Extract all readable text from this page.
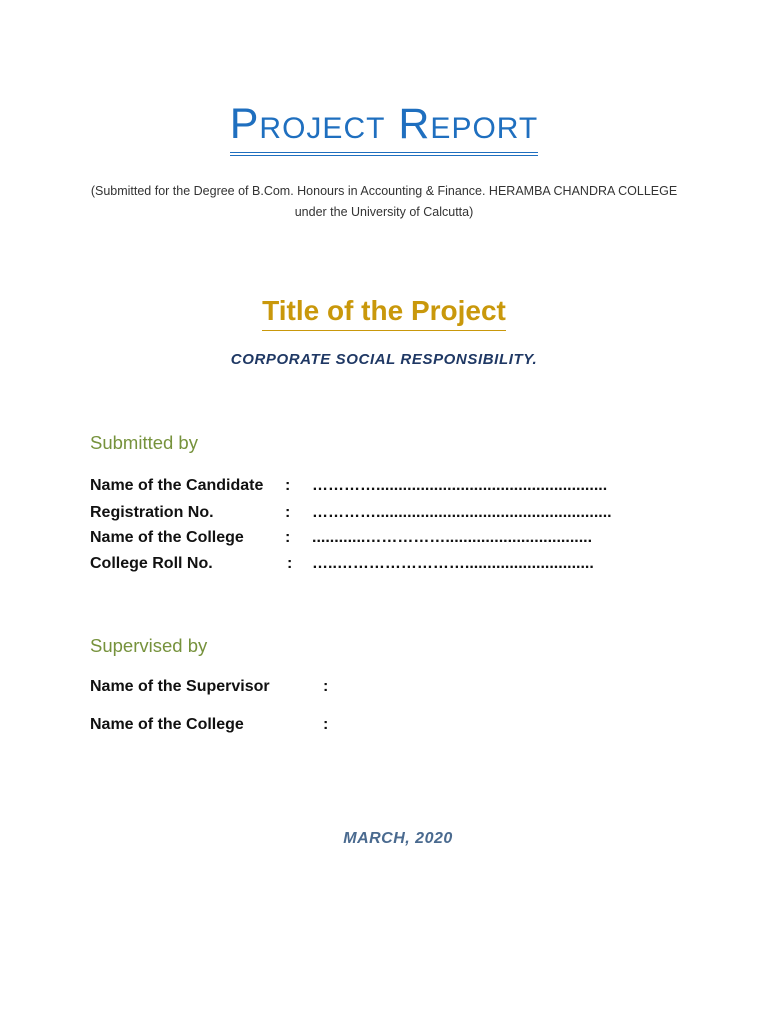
Project Report

(Submitted for the Degree of B.Com. Honours in Accounting & Finance. HERAMBA CHANDRA COLLEGE
under the University of Calcutta)

Title of the Project

CORPORATE SOCIAL RESPONSIBILITY.

Submitted by
Name of the Candidate : …………....................................................
Registration No.	: ………….....................................................
Name of the College	: ............…………….................................
College Roll No.	: …..…………………….............................
Supervised by
Name of the Supervisor	:
Name of the College	:

MARCH, 2020
